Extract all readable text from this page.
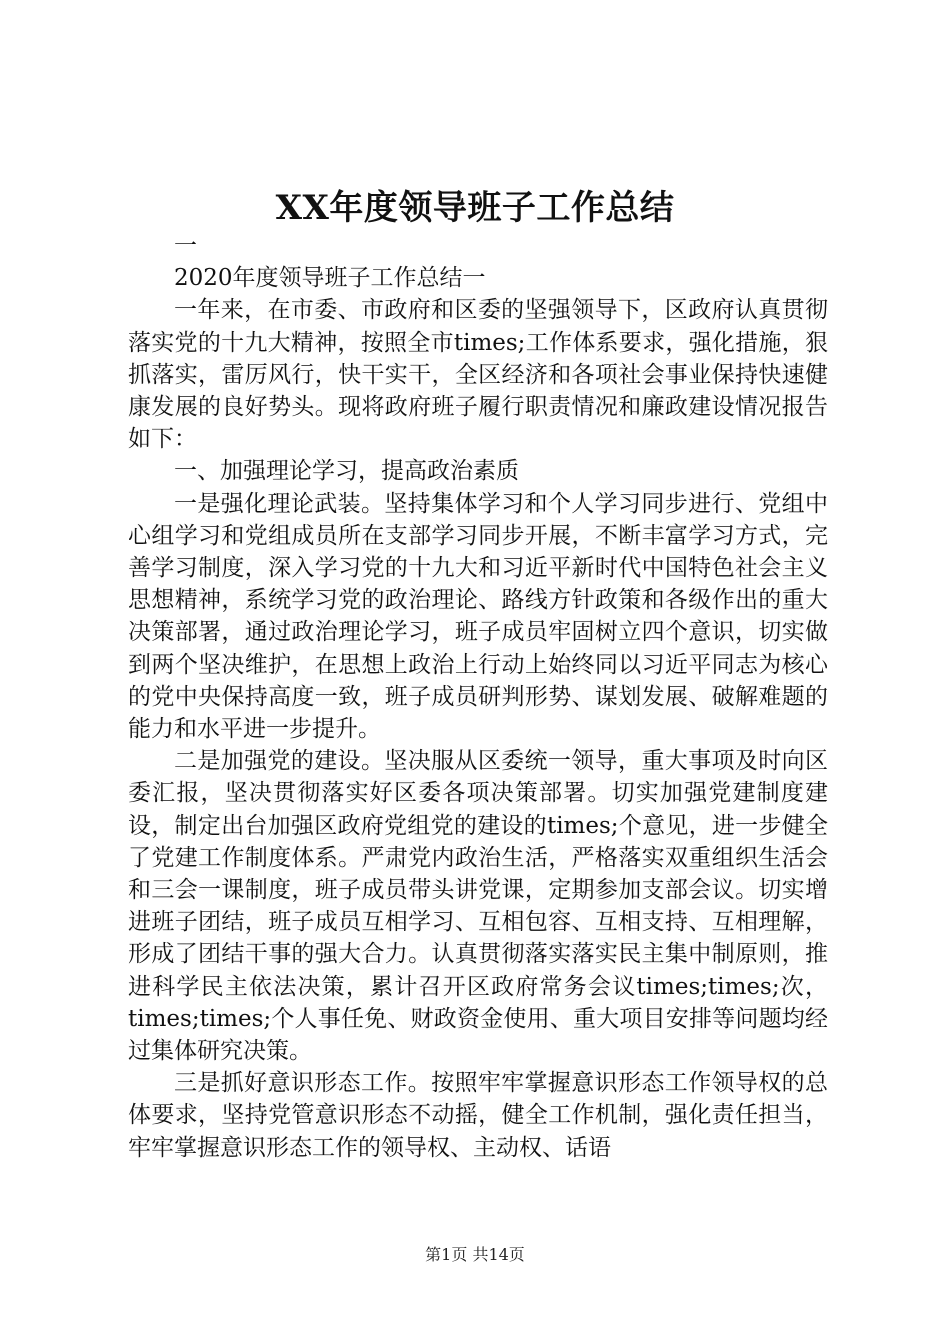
XX年度领导班子工作总结

一

2020年度领导班子工作总结一

一年来，在市委、市政府和区委的坚强领导下，区政府认真贯彻落实党的十九大精神，按照全市times;工作体系要求，强化措施，狠抓落实，雷厉风行，快干实干，全区经济和各项社会事业保持快速健康发展的良好势头。现将政府班子履行职责情况和廉政建设情况报告如下：

一、加强理论学习，提高政治素质

一是强化理论武装。坚持集体学习和个人学习同步进行、党组中心组学习和党组成员所在支部学习同步开展，不断丰富学习方式，完善学习制度，深入学习党的十九大和习近平新时代中国特色社会主义思想精神，系统学习党的政治理论、路线方针政策和各级作出的重大决策部署，通过政治理论学习，班子成员牢固树立四个意识，切实做到两个坚决维护，在思想上政治上行动上始终同以习近平同志为核心的党中央保持高度一致，班子成员研判形势、谋划发展、破解难题的能力和水平进一步提升。

二是加强党的建设。坚决服从区委统一领导，重大事项及时向区委汇报，坚决贯彻落实好区委各项决策部署。切实加强党建制度建设，制定出台加强区政府党组党的建设的times;个意见，进一步健全了党建工作制度体系。严肃党内政治生活，严格落实双重组织生活会和三会一课制度，班子成员带头讲党课，定期参加支部会议。切实增进班子团结，班子成员互相学习、互相包容、互相支持、互相理解，形成了团结干事的强大合力。认真贯彻落实落实民主集中制原则，推进科学民主依法决策，累计召开区政府常务会议times;times;次，times;times;个人事任免、财政资金使用、重大项目安排等问题均经过集体研究决策。

三是抓好意识形态工作。按照牢牢掌握意识形态工作领导权的总体要求，坚持党管意识形态不动摇，健全工作机制，强化责任担当，牢牢掌握意识形态工作的领导权、主动权、话语

第1页 共14页
